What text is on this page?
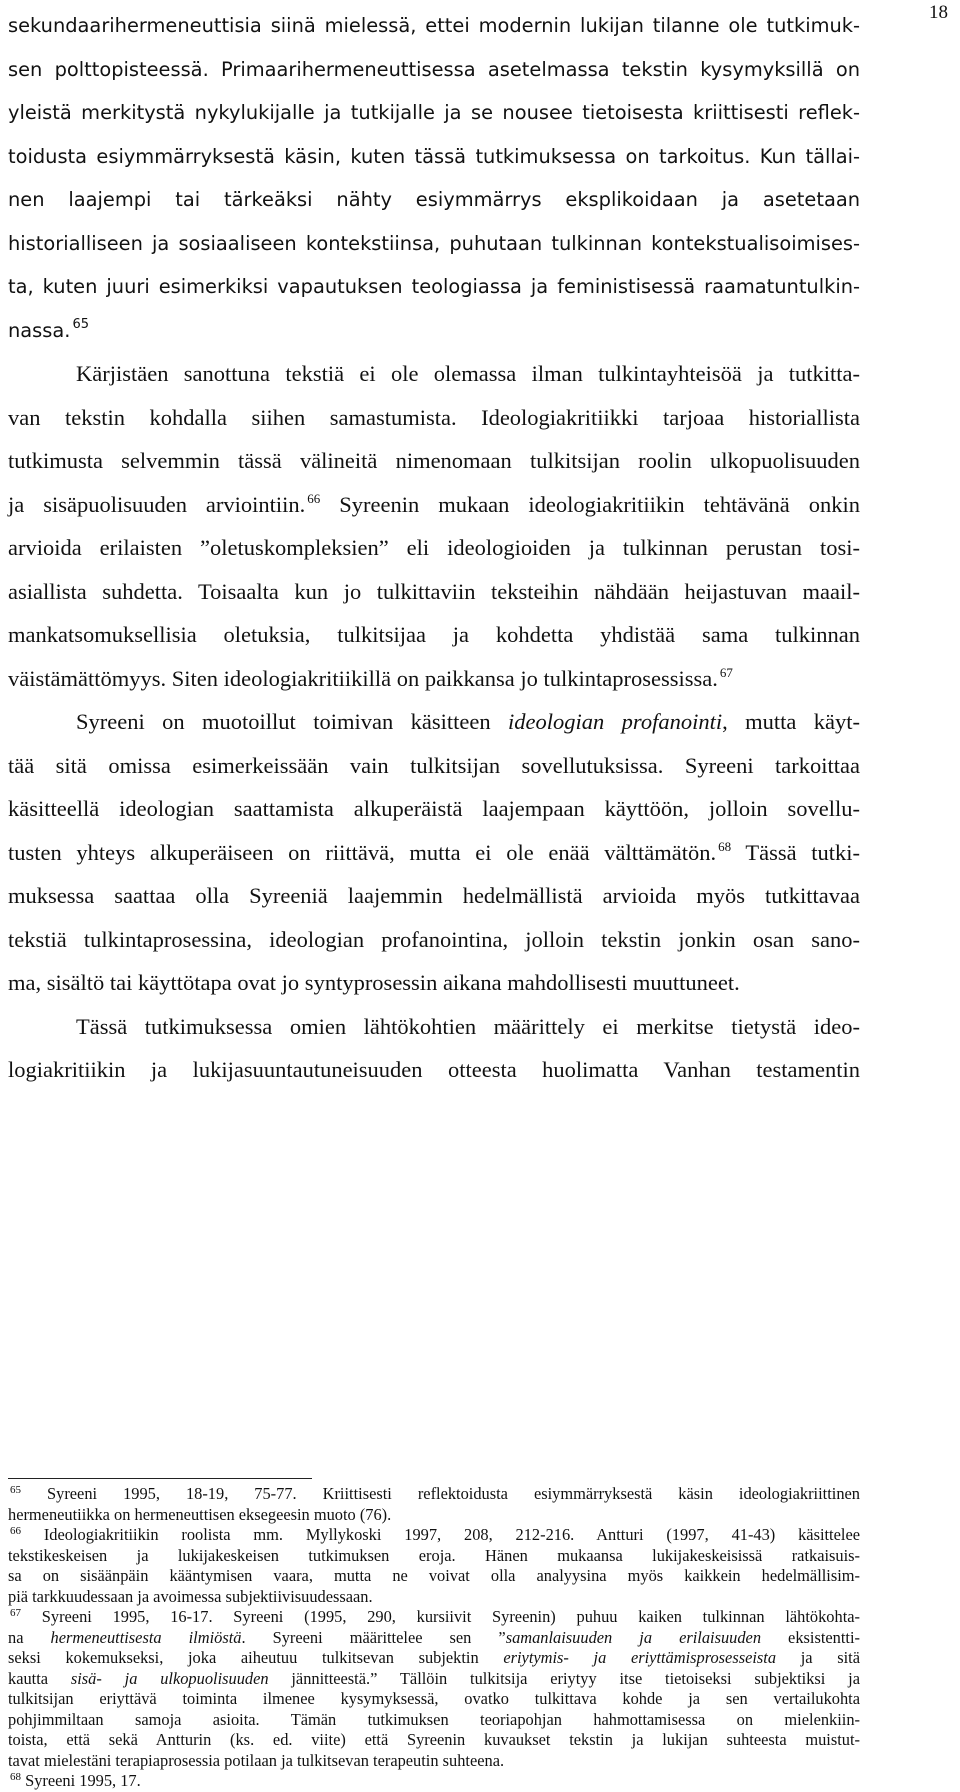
18
sekundaarihermeneuttisia siinä mielessä, ettei modernin lukijan tilanne ole tutkimuk-
sen polttopisteessä. Primaarihermeneuttisessa asetelmassa tekstin kysymyksillä on
yleistä merkitystä nykylukijalle ja tutkijalle ja se nousee tietoisesta kriittisesti reflek-
toidusta esiymmärryksestä käsin, kuten tässä tutkimuksessa on tarkoitus. Kun tällai-
nen laajempi tai tärkeäksi nähty esiymmärrys eksplikoidaan ja asetetaan
historialliseen ja sosiaaliseen kontekstiinsa, puhutaan tulkinnan kontekstualisoimises-
ta, kuten juuri esimerkiksi vapautuksen teologiassa ja feministisessä raamatuntulkin-
nassa. $^{65}$
Kärjistäen sanottuna tekstiä ei ole olemassa ilman tulkintayhteisöä ja tutkitta-
van tekstin kohdalla siihen samastumista. Ideologiakritiikki tarjoaa historiallista
tutkimusta selvemmin tässä välineitä nimenomaan tulkitsijan roolin ulkopuolisuuden
ja sisäpuolisuuden arviointiin. $^{66}$ Syreenin mukaan ideologiakritiikin tehtävänä onkin
arvioida erilaisten ”oletuskompleksien” eli ideologioiden ja tulkinnan perustan tosi-
asiallista suhdetta. Toisaalta kun jo tulkittaviin teksteihin nähdään heijastuvan maail-
mankatsomuksellisia oletuksia, tulkitsijaa ja kohdetta yhdistää sama tulkinnan
väistämättömyys. Siten ideologiakritiikillä on paikkansa jo tulkintaprosessissa. $^{67}$
Syreeni on muotoillut toimivan käsitteen ideologian profanointi, mutta käyt-
tää sitä omissa esimerkeissään vain tulkitsijan sovellutuksissa. Syreeni tarkoittaa
käsitteellä ideologian saattamista alkuperäistä laajempaan käyttöön, jolloin sovellu-
tusten yhteys alkuperäiseen on riittävä, mutta ei ole enää välttämätön. $^{68}$ Tässä tutki-
muksessa saattaa olla Syreeniä laajemmin hedelmällistä arvioida myös tutkittavaa
tekstiä tulkintaprosessina, ideologian profanointina, jolloin tekstin jonkin osan sano-
ma, sisältö tai käyttötapa ovat jo syntyprosessin aikana mahdollisesti muuttuneet.
Tässä tutkimuksessa omien lähtökohtien määrittely ei merkitse tietystä ideo-
logiakritiikin ja lukijasuuntautuneisuuden otteesta huolimatta Vanhan testamentin
$^{65}$ Syreeni 1995, 18-19, 75-77. Kriittisesti reflektoidusta esiymmärryksestä käsin ideologiakriittinen
hermeneutiikka on hermeneuttisen eksegeesin muoto (76).
$^{66}$ Ideologiakritiikin roolista mm. Myllykoski 1997, 208, 212-216. Antturi (1997, 41-43) käsittelee
tekstikeskeisen ja lukijakeskeisen tutkimuksen eroja. Hänen mukaansa lukijakeskeisissä ratkaisuis-
sa on sisäänpäin kääntymisen vaara, mutta ne voivat olla analyysina myös kaikkein hedelmällisim-
piä tarkkuudessaan ja avoimessa subjektiivisuudessaan.
$^{67}$ Syreeni 1995, 16-17. Syreeni (1995, 290, kursiivit Syreenin) puhuu kaiken tulkinnan lähtökohta-
na hermeneuttisesta ilmiöstä. Syreeni määrittelee sen ”samanlaisuuden ja erilaisuuden eksistentti-
seksi kokemukseksi, joka aiheutuu tulkitsevan subjektin eriytymis- ja eriyttämisprosesseista ja sitä
kautta sisä- ja ulkopuolisuuden jännitteestä.” Tällöin tulkitsija eriytyy itse tietoiseksi subjektiksi ja
tulkitsijan eriyttävä toiminta ilmenee kysymyksessä, ovatko tulkittava kohde ja sen vertailukohta
pohjimmiltaan samoja asioita. Tämän tutkimuksen teoriapohjan hahmottamisessa on mielenkiin-
toista, että sekä Antturin (ks. ed. viite) että Syreenin kuvaukset tekstin ja lukijan suhteesta muistut-
tavat mielestäni terapiaprosessia potilaan ja tulkitsevan terapeutin suhteena.
$^{68}$ Syreeni 1995, 17.
